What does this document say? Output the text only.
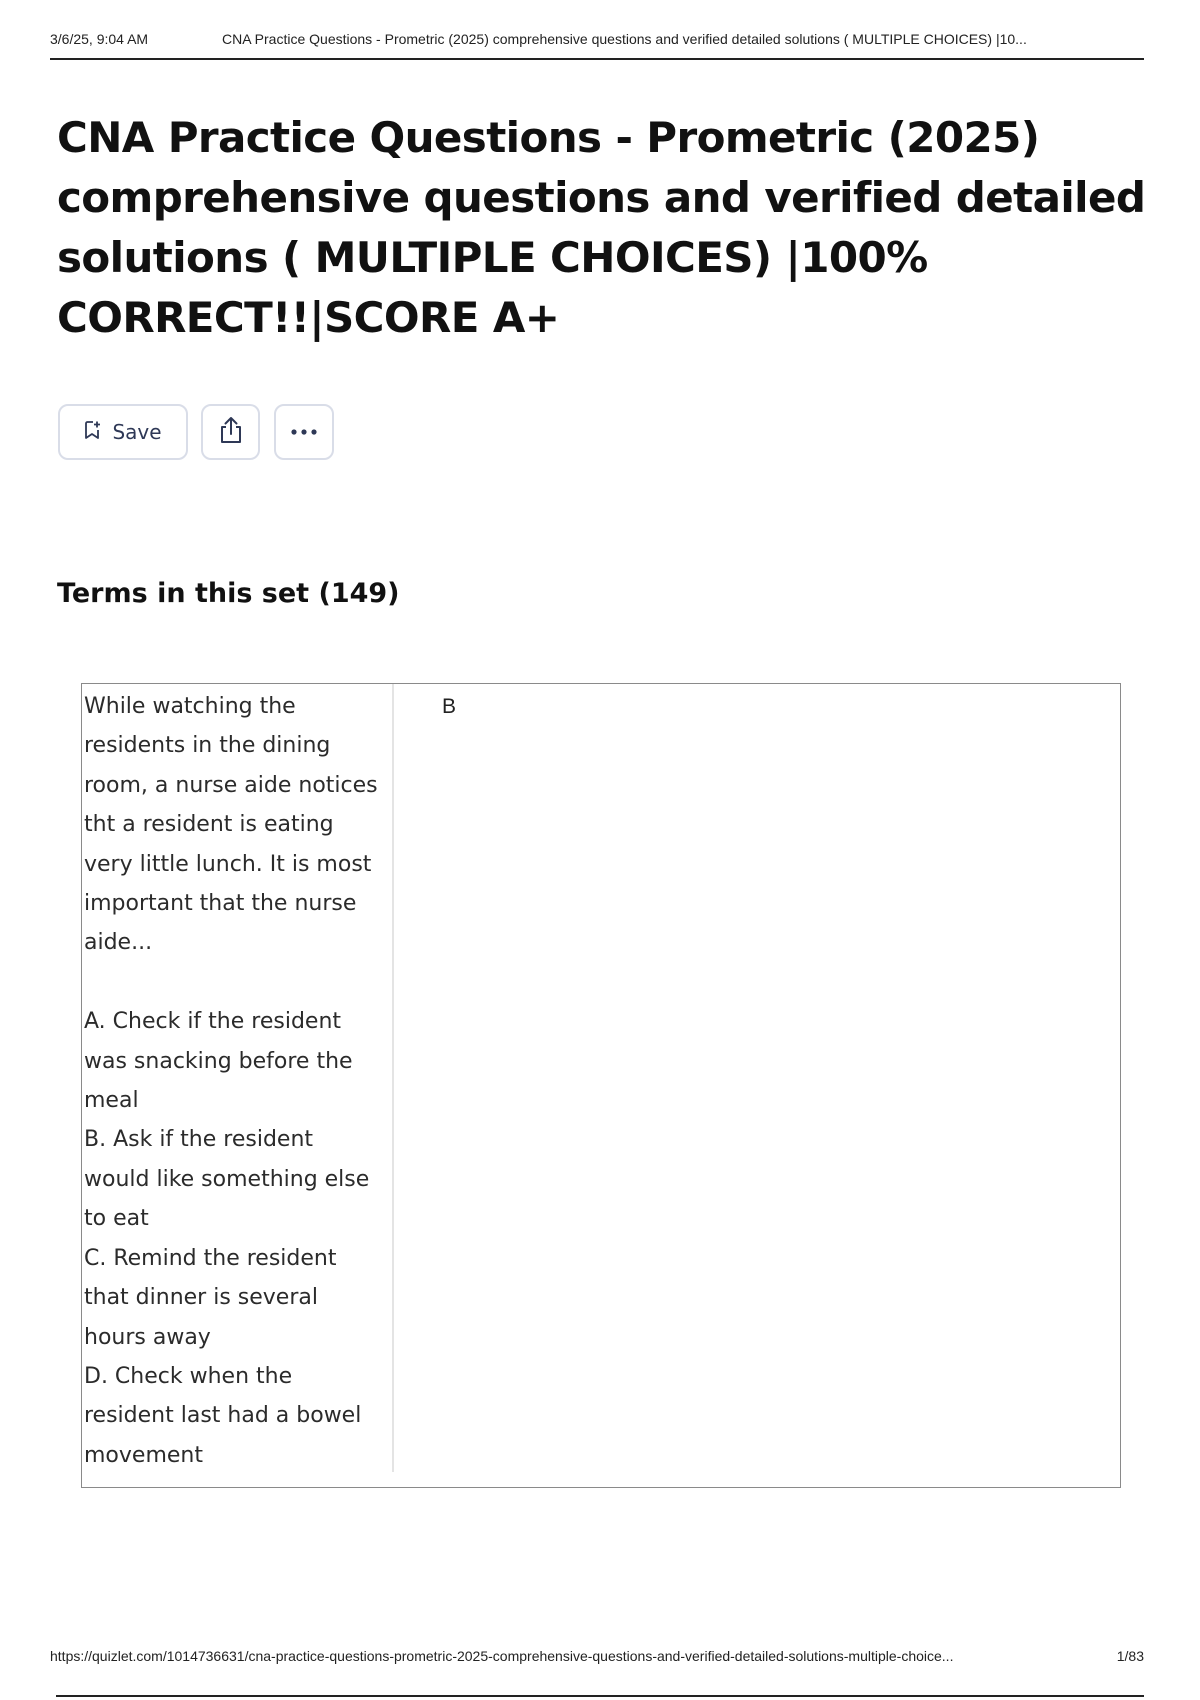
3/6/25, 9:04 AM	CNA Practice Questions - Prometric (2025) comprehensive questions and verified detailed solutions ( MULTIPLE CHOICES) |10...
CNA Practice Questions - Prometric (2025) comprehensive questions and verified detailed solutions ( MULTIPLE CHOICES) |100% CORRECT!!|SCORE A+
Save
Terms in this set (149)
While watching the residents in the dining room, a nurse aide notices tht a resident is eating very little lunch. It is most important that the nurse aide...

A. Check if the resident was snacking before the meal
B. Ask if the resident would like something else to eat
C. Remind the resident that dinner is several hours away
D. Check when the resident last had a bowel movement
B
https://quizlet.com/1014736631/cna-practice-questions-prometric-2025-comprehensive-questions-and-verified-detailed-solutions-multiple-choice...	1/83
